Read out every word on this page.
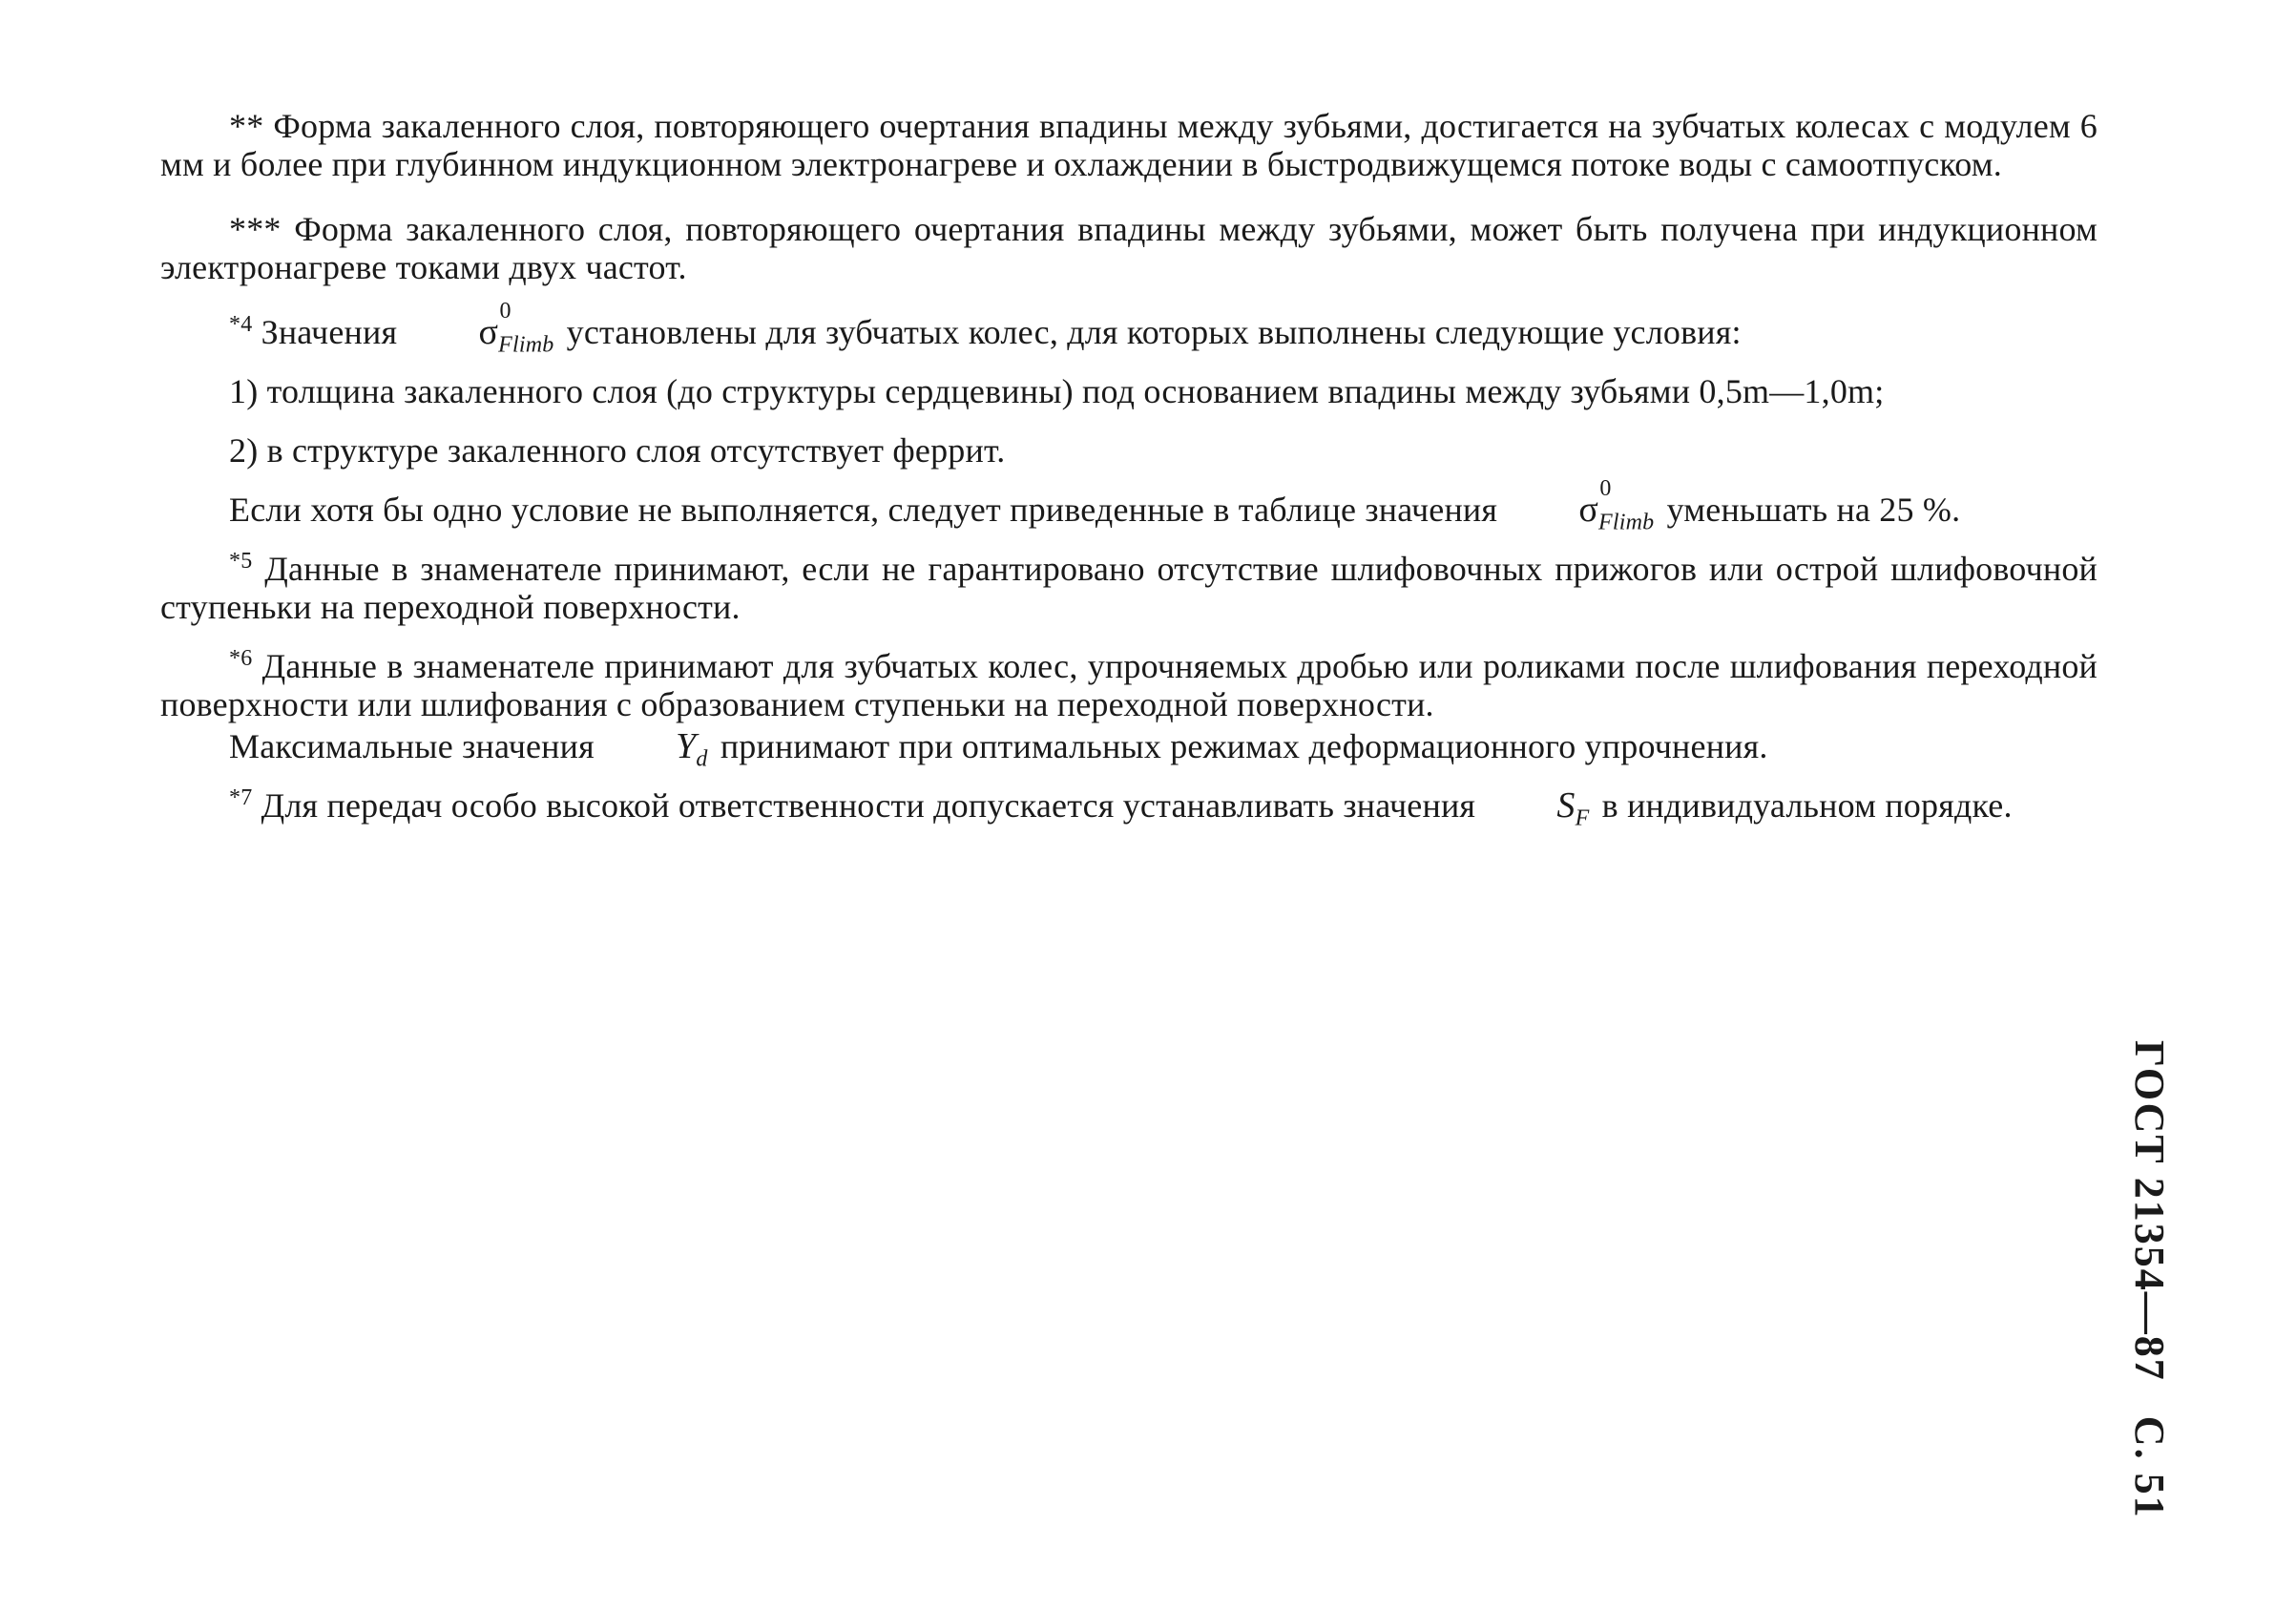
** Форма закаленного слоя, повторяющего очертания впадины между зубьями, достигается на зубчатых колесах с модулем 6 мм и более при глубинном индукционном электронагреве и охлаждении в быстродвижущемся потоке воды с самоотпуском.

*** Форма закаленного слоя, повторяющего очертания впадины между зубьями, может быть получена при индукционном электронагреве токами двух частот.

$^{*4}$ Значения σ
0
$_{Flimb}$ установлены для зубчатых колес, для которых выполнены следующие условия:

1) толщина закаленного слоя (до структуры сердцевины) под основанием впадины между зубьями 0,5m—1,0m;

2) в структуре закаленного слоя отсутствует феррит.

Если хотя бы одно условие не выполняется, следует приведенные в таблице значения σ
0
$_{Flimb}$ уменьшать на 25 %.

$^{*5}$ Данные в знаменателе принимают, если не гарантировано отсутствие шлифовочных прижогов или острой шлифовочной ступеньки на переходной поверхности.

$^{*6}$ Данные в знаменателе принимают для зубчатых колес, упрочняемых дробью или роликами после шлифования переходной поверхности или шлифования с образованием ступеньки на переходной поверхности.

Максимальные значения $Y_d$ принимают при оптимальных режимах деформационного упрочнения.

$^{*7}$ Для передач особо высокой ответственности допускается устанавливать значения $S_F$ в индивидуальном порядке.

ГОСТ 21354—87С. 51
